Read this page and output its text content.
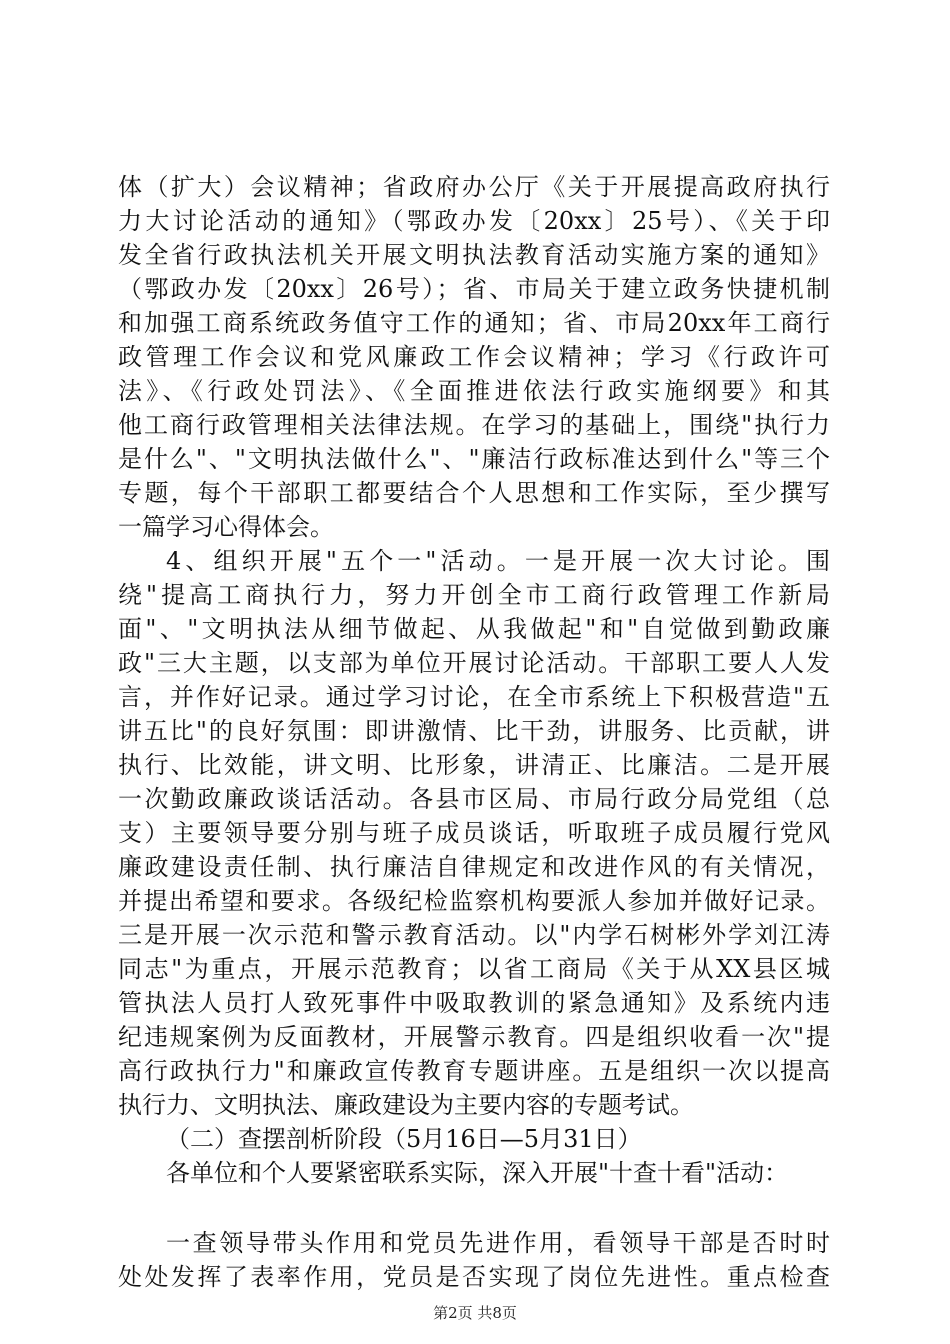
体（扩大）会议精神；省政府办公厅《关于开展提高政府执行
力大讨论活动的通知》（鄂政办发〔20xx〕25号）、《关于印
发全省行政执法机关开展文明执法教育活动实施方案的通知》
（鄂政办发〔20xx〕26号）；省、市局关于建立政务快捷机制
和加强工商系统政务值守工作的通知；省、市局20xx年工商行
政管理工作会议和党风廉政工作会议精神；学习《行政许可
法》、《行政处罚法》、《全面推进依法行政实施纲要》和其
他工商行政管理相关法律法规。在学习的基础上，围绕"执行力
是什么"、"文明执法做什么"、"廉洁行政标准达到什么"等三个
专题，每个干部职工都要结合个人思想和工作实际，至少撰写
一篇学习心得体会。
4、组织开展"五个一"活动。一是开展一次大讨论。围
绕"提高工商执行力，努力开创全市工商行政管理工作新局
面"、"文明执法从细节做起、从我做起"和"自觉做到勤政廉
政"三大主题，以支部为单位开展讨论活动。干部职工要人人发
言，并作好记录。通过学习讨论，在全市系统上下积极营造"五
讲五比"的良好氛围：即讲激情、比干劲，讲服务、比贡献，讲
执行、比效能，讲文明、比形象，讲清正、比廉洁。二是开展
一次勤政廉政谈话活动。各县市区局、市局行政分局党组（总
支）主要领导要分别与班子成员谈话，听取班子成员履行党风
廉政建设责任制、执行廉洁自律规定和改进作风的有关情况，
并提出希望和要求。各级纪检监察机构要派人参加并做好记录。
三是开展一次示范和警示教育活动。以"内学石树彬外学刘江涛
同志"为重点，开展示范教育；以省工商局《关于从XX县区城
管执法人员打人致死事件中吸取教训的紧急通知》及系统内违
纪违规案例为反面教材，开展警示教育。四是组织收看一次"提
高行政执行力"和廉政宣传教育专题讲座。五是组织一次以提高
执行力、文明执法、廉政建设为主要内容的专题考试。
（二）查摆剖析阶段（5月16日—5月31日）
各单位和个人要紧密联系实际，深入开展"十查十看"活动：
一查领导带头作用和党员先进作用，看领导干部是否时时
处处发挥了表率作用，党员是否实现了岗位先进性。重点检查
第2页 共8页
